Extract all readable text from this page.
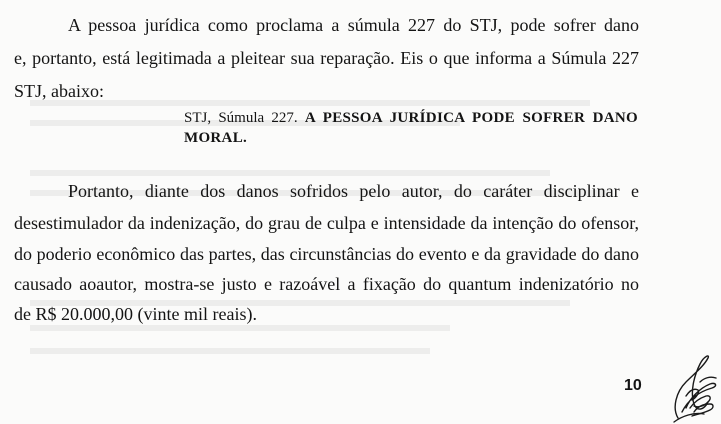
A pessoa jurídica como proclama a súmula 227 do STJ, pode sofrer dano
e, portanto, está legitimada a pleitear sua reparação. Eis o que informa a Súmula 227
STJ, abaixo:
STJ, Súmula 227. A PESSOA JURÍDICA PODE SOFRER DANO
MORAL.
Portanto, diante dos danos sofridos pelo autor, do caráter disciplinar e
desestimulador da indenização, do grau de culpa e intensidade da intenção do ofensor,
do poderio econômico das partes, das circunstâncias do evento e da gravidade do dano
causado aoautor, mostra-se justo e razoável a fixação do quantum indenizatório no
de R$ 20.000,00 (vinte mil reais).
10
